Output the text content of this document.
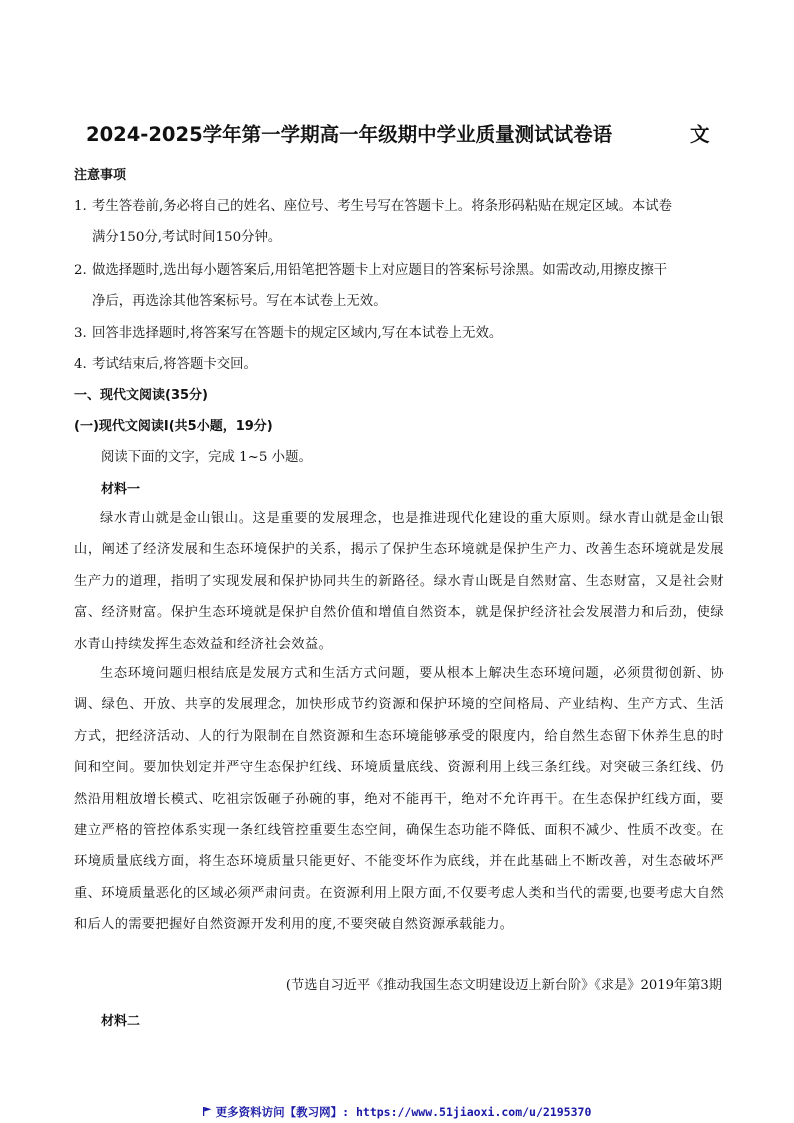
2024-2025学年第一学期高一年级期中学业质量测试试卷语	文
注意事项
1. 考生答卷前,务必将自己的姓名、座位号、考生号写在答题卡上。将条形码粘贴在规定区域。本试卷
满分150分,考试时间150分钟。
2. 做选择题时,选出每小题答案后,用铅笔把答题卡上对应题目的答案标号涂黑。如需改动,用擦皮擦干
净后，再选涂其他答案标号。写在本试卷上无效。
3. 回答非选择题时,将答案写在答题卡的规定区域内,写在本试卷上无效。
4. 考试结束后,将答题卡交回。
一、现代文阅读(35分)
(一)现代文阅读I(共5小题，19分)
阅读下面的文字，完成 1~5 小题。
材料一
绿水青山就是金山银山。这是重要的发展理念，也是推进现代化建设的重大原则。绿水青山就是金山银山，阐述了经济发展和生态环境保护的关系，揭示了保护生态环境就是保护生产力、改善生态环境就是发展生产力的道理，指明了实现发展和保护协同共生的新路径。绿水青山既是自然财富、生态财富，又是社会财富、经济财富。保护生态环境就是保护自然价值和增值自然资本，就是保护经济社会发展潜力和后劲，使绿水青山持续发挥生态效益和经济社会效益。
生态环境问题归根结底是发展方式和生活方式问题，要从根本上解决生态环境问题，必须贯彻创新、协调、绿色、开放、共享的发展理念，加快形成节约资源和保护环境的空间格局、产业结构、生产方式、生活方式，把经济活动、人的行为限制在自然资源和生态环境能够承受的限度内，给自然生态留下休养生息的时间和空间。要加快划定并严守生态保护红线、环境质量底线、资源利用上线三条红线。对突破三条红线、仍然沿用粗放增长模式、吃祖宗饭砸子孙碗的事，绝对不能再干，绝对不允许再干。在生态保护红线方面，要建立严格的管控体系实现一条红线管控重要生态空间，确保生态功能不降低、面积不减少、性质不改变。在环境质量底线方面，将生态环境质量只能更好、不能变坏作为底线，并在此基础上不断改善，对生态破坏严重、环境质量恶化的区域必须严肃问责。在资源利用上限方面,不仅要考虑人类和当代的需要,也要考虑大自然和后人的需要把握好自然资源开发利用的度,不要突破自然资源承载能力。
(节选自习近平《推动我国生态文明建设迈上新台阶》《求是》2019年第3期
材料二
更多资料访问【教习网】: https://www.51jiaoxi.com/u/2195370
